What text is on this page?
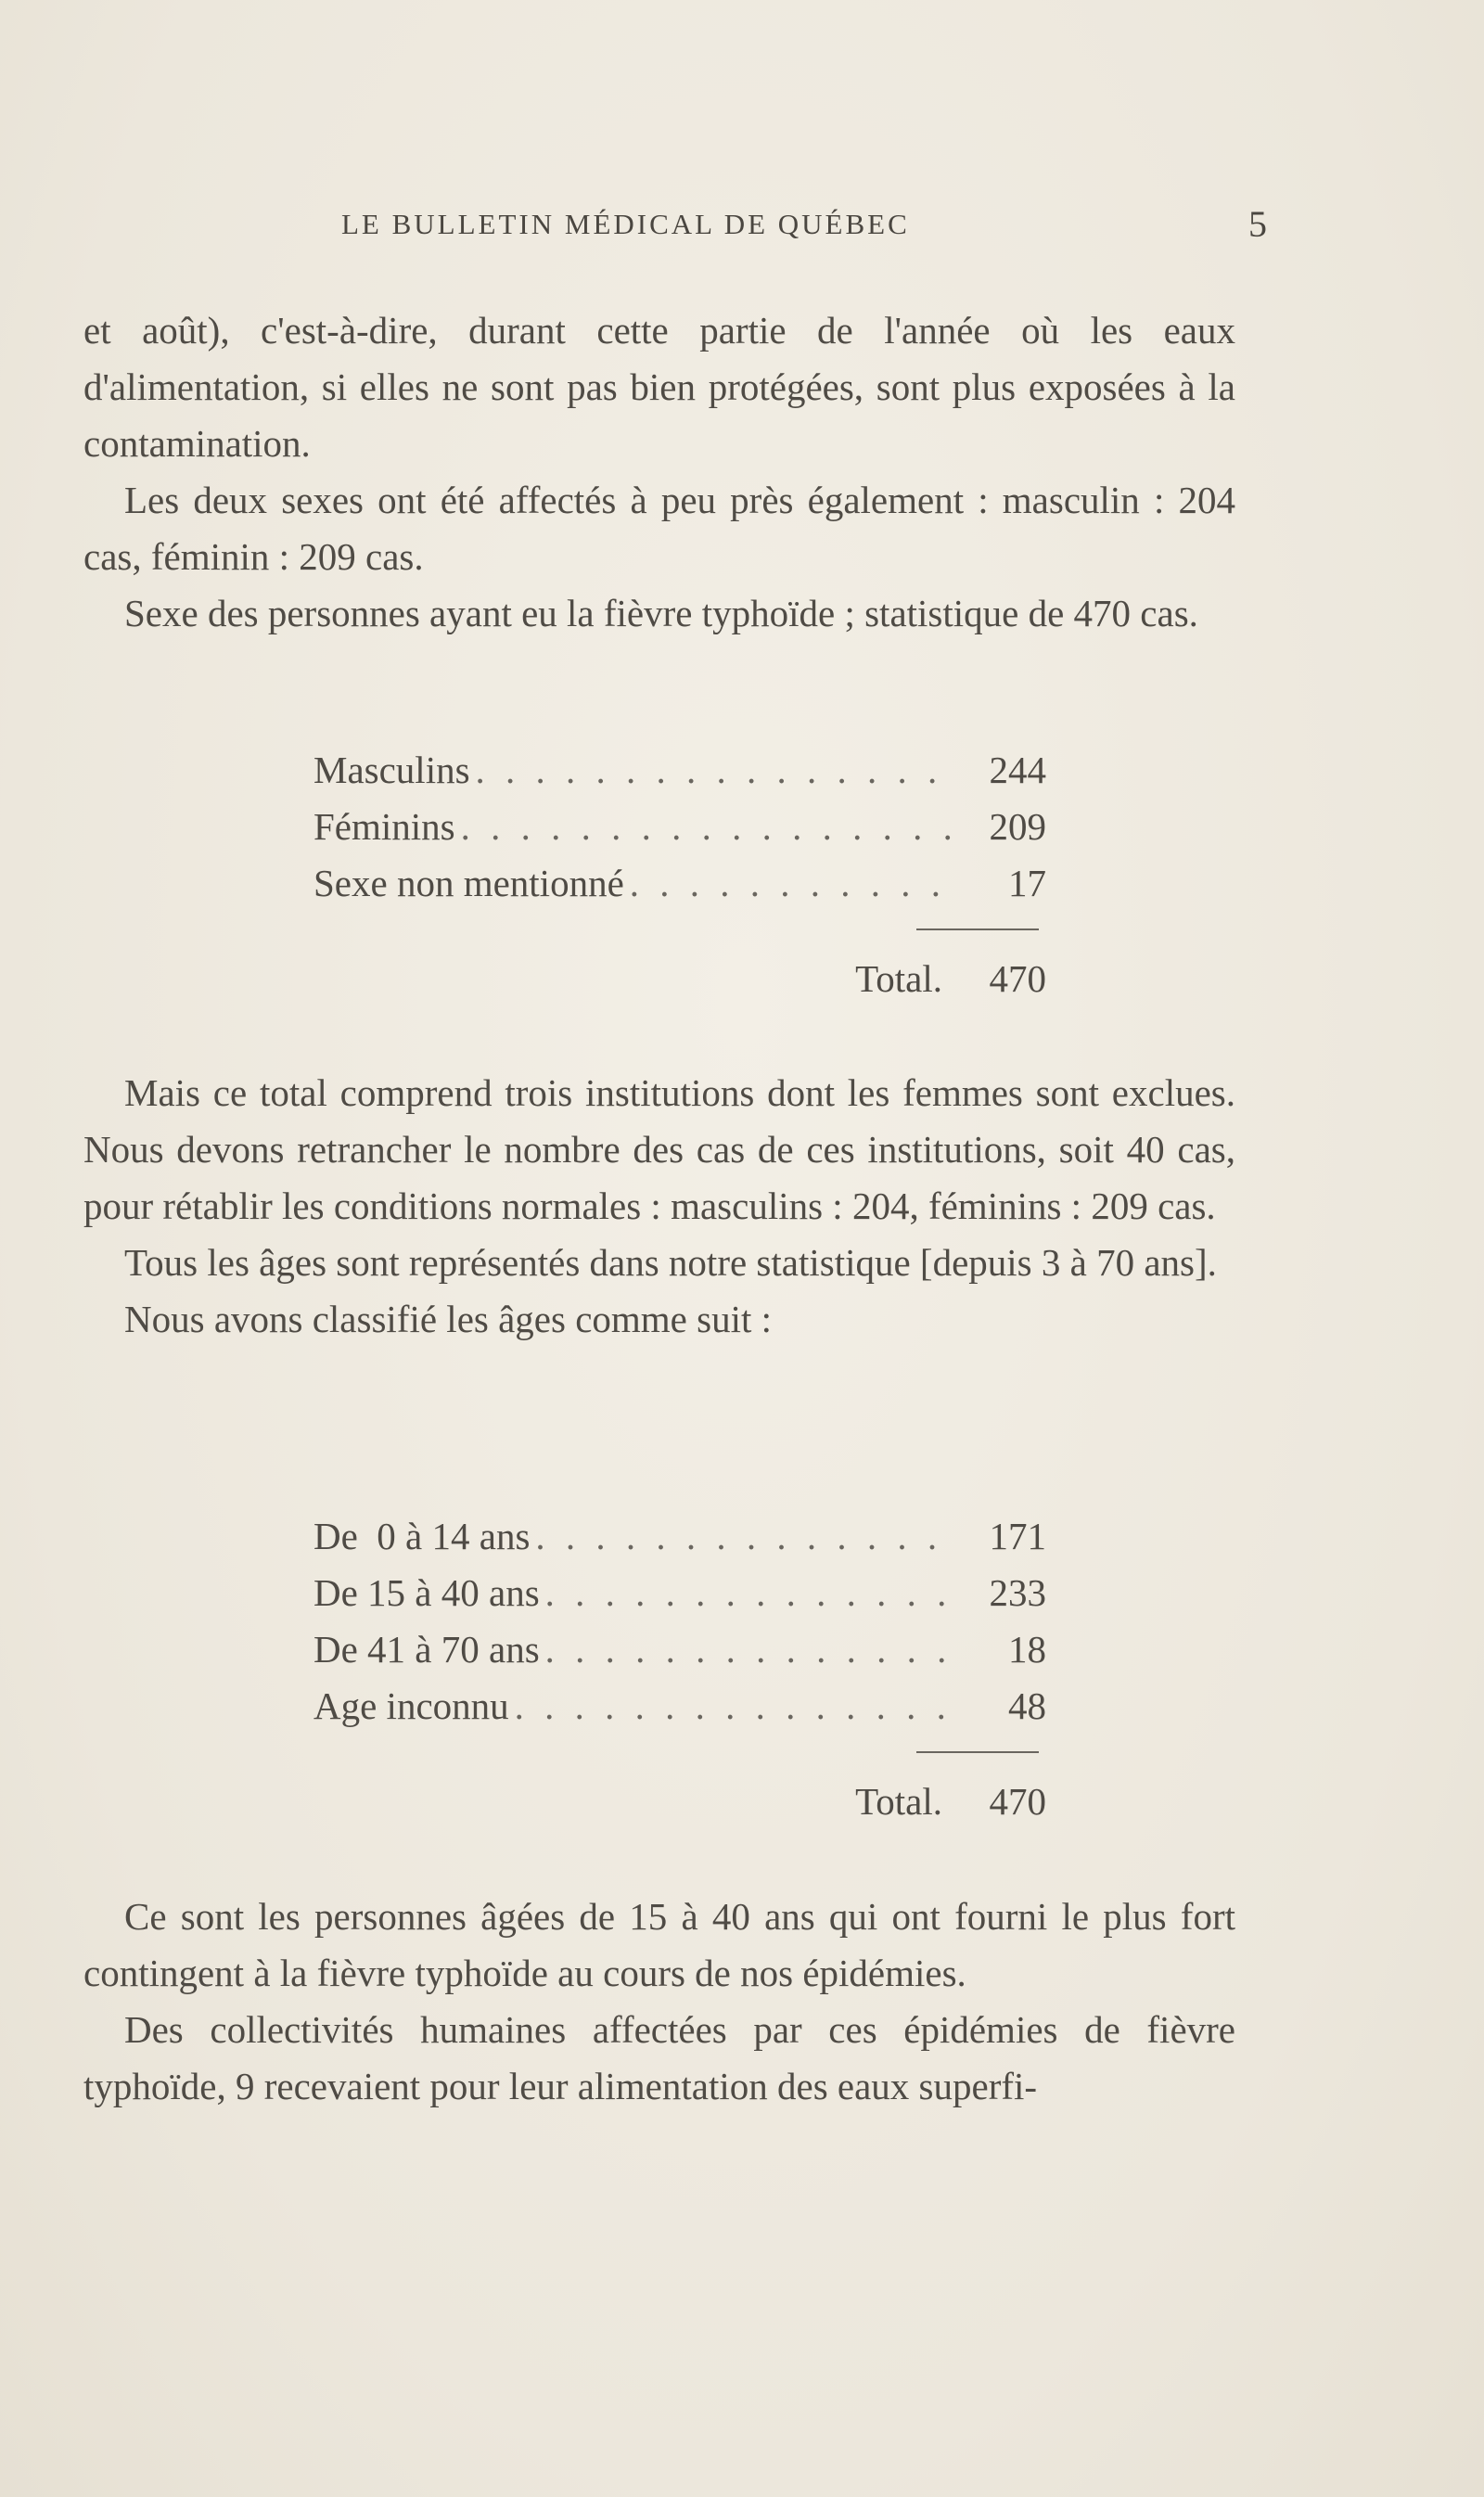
LE BULLETIN MÉDICAL DE QUÉBEC	5

et août), c'est-à-dire, durant cette partie de l'année où les eaux d'alimentation, si elles ne sont pas bien protégées, sont plus exposées à la contamination.

Les deux sexes ont été affectés à peu près également : masculin : 204 cas, féminin : 209 cas.

Sexe des personnes ayant eu la fièvre typhoïde ; statistique de 470 cas.

Masculins . . .	244
Féminins . . .	209
Sexe non mentionné . . .	17
Total.	470

Mais ce total comprend trois institutions dont les femmes sont exclues. Nous devons retrancher le nombre des cas de ces institutions, soit 40 cas, pour rétablir les conditions normales : masculins : 204, féminins : 209 cas.

Tous les âges sont représentés dans notre statistique [depuis 3 à 70 ans].

Nous avons classifié les âges comme suit :

De  0 à 14 ans . . .	171
De 15 à 40 ans . . .	233
De 41 à 70 ans . . .	18
Age inconnu . . .	48
Total.	470

Ce sont les personnes âgées de 15 à 40 ans qui ont fourni le plus fort contingent à la fièvre typhoïde au cours de nos épidémies.

Des collectivités humaines affectées par ces épidémies de fièvre typhoïde, 9 recevaient pour leur alimentation des eaux superfi-
